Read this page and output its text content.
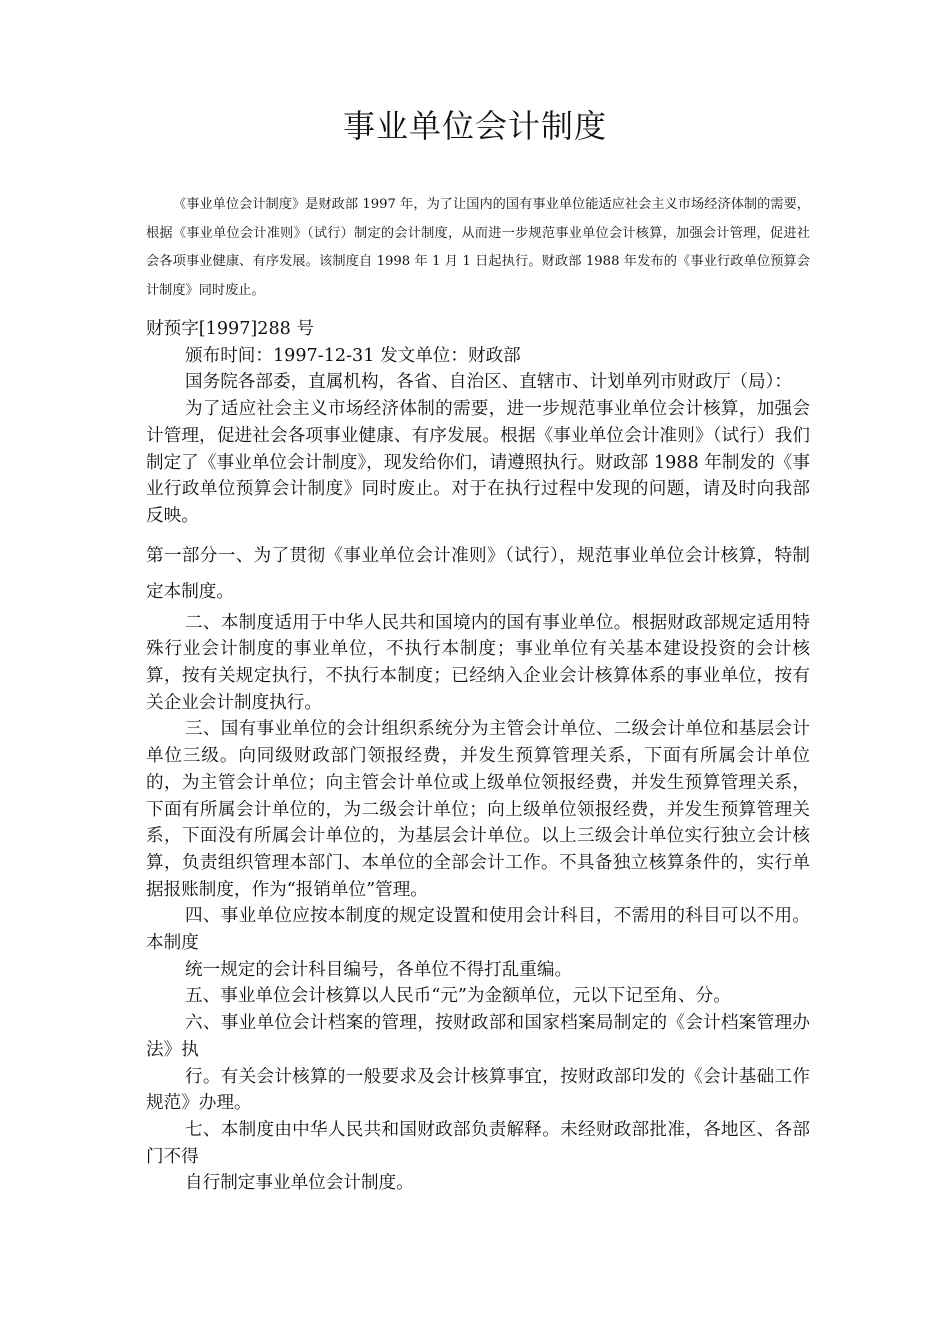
事业单位会计制度
《事业单位会计制度》是财政部 1997 年，为了让国内的国有事业单位能适应社会主义市场经济体制的需要，根据《事业单位会计准则》（试行）制定的会计制度，从而进一步规范事业单位会计核算，加强会计管理，促进社会各项事业健康、有序发展。该制度自 1998 年 1 月 1 日起执行。财政部 1988 年发布的《事业行政单位预算会计制度》同时废止。

财预字[1997]288 号

颁布时间：1997-12-31 发文单位：财政部

国务院各部委，直属机构，各省、自治区、直辖市、计划单列市财政厅（局）：

为了适应社会主义市场经济体制的需要，进一步规范事业单位会计核算，加强会计管理，促进社会各项事业健康、有序发展。根据《事业单位会计准则》（试行）我们制定了《事业单位会计制度》，现发给你们，请遵照执行。财政部 1988 年制发的《事业行政单位预算会计制度》同时废止。对于在执行过程中发现的问题，请及时向我部反映。

第一部分一、为了贯彻《事业单位会计准则》（试行），规范事业单位会计核算，特制定本制度。

二、本制度适用于中华人民共和国境内的国有事业单位。根据财政部规定适用特殊行业会计制度的事业单位，不执行本制度；事业单位有关基本建设投资的会计核算，按有关规定执行，不执行本制度；已经纳入企业会计核算体系的事业单位，按有关企业会计制度执行。

三、国有事业单位的会计组织系统分为主管会计单位、二级会计单位和基层会计单位三级。向同级财政部门领报经费，并发生预算管理关系，下面有所属会计单位的，为主管会计单位；向主管会计单位或上级单位领报经费，并发生预算管理关系，下面有所属会计单位的，为二级会计单位；向上级单位领报经费，并发生预算管理关系，下面没有所属会计单位的，为基层会计单位。以上三级会计单位实行独立会计核算，负责组织管理本部门、本单位的全部会计工作。不具备独立核算条件的，实行单据报账制度，作为“报销单位”管理。

四、事业单位应按本制度的规定设置和使用会计科目，不需用的科目可以不用。本制度

统一规定的会计科目编号，各单位不得打乱重编。

五、事业单位会计核算以人民币“元”为金额单位，元以下记至角、分。

六、事业单位会计档案的管理，按财政部和国家档案局制定的《会计档案管理办法》执

行。有关会计核算的一般要求及会计核算事宜，按财政部印发的《会计基础工作规范》办理。

七、本制度由中华人民共和国财政部负责解释。未经财政部批准，各地区、各部门不得

自行制定事业单位会计制度。
